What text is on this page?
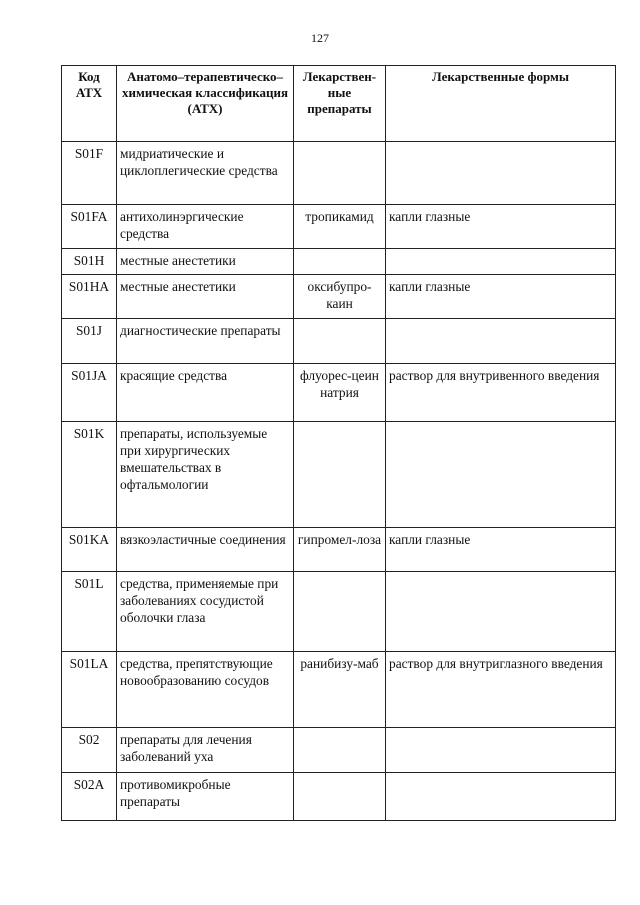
127
Код АТХ	Анатомо–терапевтическо–химическая классификация (АТХ)	Лекарствен-ные препараты	Лекарственные формы
S01F	мидриатические и циклоплегические средства		
S01FA	антихолинэргические средства	тропикамид	капли глазные
S01H	местные анестетики		
S01HA	местные анестетики	оксибупро-каин	капли глазные
S01J	диагностические препараты		
S01JA	красящие средства	флуорес-цеин натрия	раствор для внутривенного введения
S01K	препараты, используемые при хирургических вмешательствах в офтальмологии		
S01KA	вязкоэластичные соединения	гипромел-лоза	капли глазные
S01L	средства, применяемые при заболеваниях сосудистой оболочки глаза		
S01LA	средства, препятствующие новообразованию сосудов	ранибизу-маб	раствор для внутриглазного введения
S02	препараты для лечения заболеваний уха		
S02A	противомикробные препараты		
